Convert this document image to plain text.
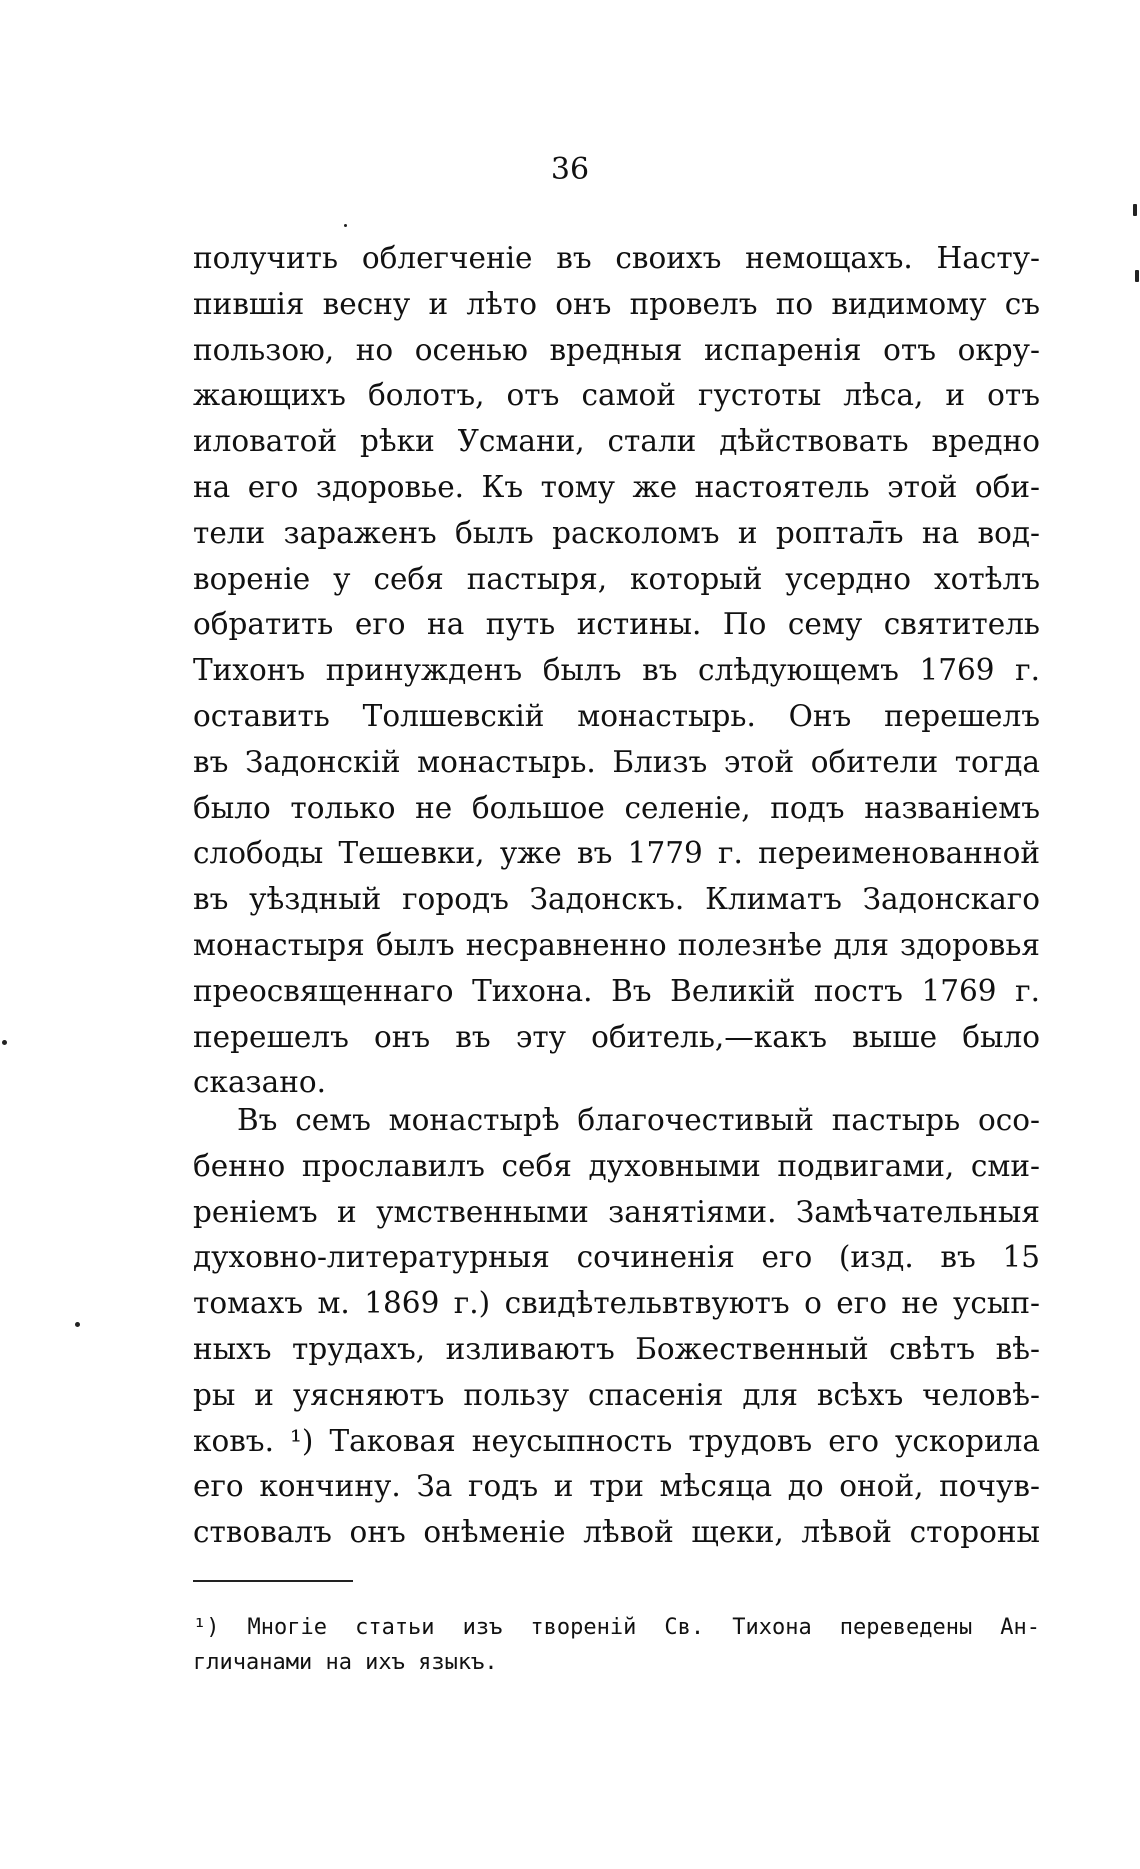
36
получить облегченіе въ своихъ немощахъ. Насту-
пившія весну и лѣто онъ провелъ по видимому съ
пользою, но осенью вредныя испаренія отъ окру-
жающихъ болотъ, отъ самой густоты лѣса, и отъ
иловатой рѣки Усмани, стали дѣйствовать вредно
на его здоровье. Къ тому же настоятель этой оби-
тели зараженъ былъ расколомъ и роптал̄ъ на вод-
вореніе у себя пастыря, который усердно хотѣлъ
обратить его на путь истины. По сему святитель
Тихонъ принужденъ былъ въ слѣдующемъ 1769 г.
оставить Толшевскій монастырь. Онъ перешелъ
въ Задонскій монастырь. Близъ этой обители тогда
было только не большое селеніе, подъ названіемъ
слободы Тешевки, уже въ 1779 г. переименованной
въ уѣздный городъ Задонскъ. Климатъ Задонскаго
монастыря былъ несравненно полезнѣе для здоровья
преосвященнаго Тихона. Въ Великій постъ 1769 г.
перешелъ онъ въ эту обитель,—какъ выше было
сказано.
Въ семъ монастырѣ благочестивый пастырь осо-
бенно прославилъ себя духовными подвигами, сми-
реніемъ и умственными занятіями. Замѣчательныя
духовно-литературныя сочиненія его (изд. въ 15
томахъ м. 1869 г.) свидѣтельвтвуютъ о его не усып-
ныхъ трудахъ, изливаютъ Божественный свѣтъ вѣ-
ры и уясняютъ пользу спасенія для всѣхъ человѣ-
ковъ. ¹) Таковая неусыпность трудовъ его ускорила
его кончину. За годъ и три мѣсяца до оной, почув-
ствовалъ онъ онѣменіе лѣвой щеки, лѣвой стороны
¹) Многіе статьи изъ твореній Св. Тихона переведены Ан-
гличанами на ихъ языкъ.
